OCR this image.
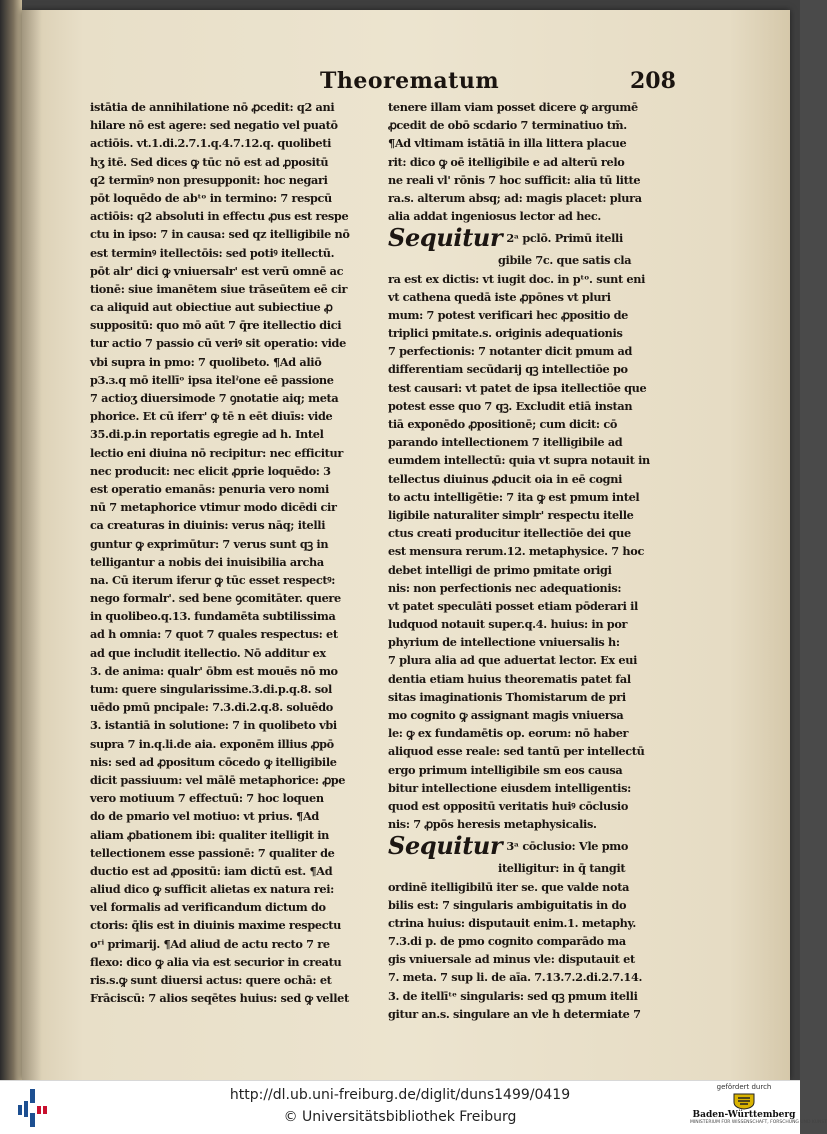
Theorematum	208
istātia de annihilatione nō ꝓcedit: q2 ani
hilare nō est agere: sed negatio vel puatō
actiōis. vt.1.di.2.7.1.q.4.7.12.q. quolibeti
hʒ itē. Sed dices ꝙ tūc nō est ad ꝓpositū
q2 termīnꝰ non presupponit: hoc negari
pōt loquēdo de abᵗᵒ in termino: 7 respcū
actiōis: q2 absoluti in effectu ꝓus est respe
ctu in ipso: 7 in causa: sed qz itelligibile nō
est terminꝰ itellectōis: sed potiꝰ itellectū.
pōt alr' dici ꝙ vniuersalr' est verū omnē ac
tionē: siue imanētem siue trāseūtem eē cir
ca aliquid aut obiectiue aut subiectiue ꝓ
suppositū: quo mō aūt 7 q̄re itellectio dici
tur actio 7 passio cū veriꝰ sit operatio: vide
vbi supra in pmo: 7 quolibeto. ¶Ad aliō
p3.ɜ.q mō itellīᵒ ipsa itelˀone eē passione
7 actioʒ diuersimode 7 ꝯnotatie aiq; meta
phorice. Et cū iferr' ꝙ tē n eēt diuīs: vide
35.di.p.in reportatis egregie ad h. Intel
lectio eni diuina nō recipitur: nec efficitur
nec producit: nec elicit ꝓprie loquēdo: 3
est operatio emanās: penuria vero nomi
nū 7 metaphorice vtimur modo dicēdi cir
ca creaturas in diuinis: verus nāq; itelli
guntur ꝙ exprimūtur: 7 verus sunt qꝫ in
telligantur a nobis dei inuisibilia archa
na. Cū iterum iferur ꝙ tūc esset respectꝰ:
nego formalr'. sed bene ꝯcomitāter. quere
in quolibeo.q.13. fundamēta subtilissima
ad h omnia: 7 quot 7 quales respectus: et
ad que includit itellectio. Nō additur ex
3. de anima: qualr' ōbm est mouēs nō mo
tum: quere singularissime.3.di.p.q.8. sol
uēdo pmū pncipale: 7.3.di.2.q.8. soluēdo
3. istantiā in solutione: 7 in quolibeto vbi
supra 7 in.q.li.de aia. exponēm illius ꝓpō
nis: sed ad ꝓpositum cōcedo ꝙ itelligibile
dicit passiuum: vel mālē metaphorice: ꝓpe
vero motiuum 7 effectuū: 7 hoc loquen
do de pmario vel motiuo: vt prius. ¶Ad
aliam ꝓbationem ibi: qualiter itelligit in
tellectionem esse passionē: 7 qualiter de
ductio est ad ꝓpositū: iam dictū est. ¶Ad
aliud dico ꝙ sufficit alietas ex natura rei:
vel formalis ad verificandum dictum do
ctoris: q̄lis est in diuinis maxime respectu
oʳⁱ primarij. ¶Ad aliud de actu recto 7 re
flexo: dico ꝙ alia via est securior in creatu
ris.s.ꝙ sunt diuersi actus: quere ochā: et
Frāciscū: 7 alios seqētes huius: sed ꝙ vellet
tenere illam viam posset dicere ꝙ argumē
ꝓcedit de obō scdario 7 terminatiuo tm̄.
¶Ad vltimam istātiā in illa littera placue
rit: dico ꝙ oē itelligibile e ad alterū relo
ne reali vl' rōnis 7 hoc sufficit: alia tū litte
ra.s. alterum absq; ad: magis placet: plura
alia addat ingeniosus lector ad hec.
Sequitur 2ᵃ pclō. Primū itelli
gibile 7c. que satis cla
ra est ex dictis: vt iugit doc. in pᵗᵒ. sunt eni
vt cathena quedā iste ꝓpōnes vt pluri
mum: 7 potest verificari hec ꝓpositio de
triplici pmitate.s. originis adequationis
7 perfectionis: 7 notanter dicit pmum ad
differentiam secūdarij qꝫ intellectiōe po
test causari: vt patet de ipsa itellectiōe que
potest esse quo 7 qꝫ. Excludit etiā instan
tiā exponēdo ꝓpositionē; cum dicit: cō
parando intellectionem 7 itelligibile ad
eumdem intellectū: quia vt supra notauit in
tellectus diuinus ꝓducit oia in eē cogni
to actu intelligētie: 7 ita ꝙ est pmum intel
ligibile naturaliter simplr' respectu itelle
ctus creati producitur itellectiōe dei que
est mensura rerum.12. metaphysice. 7 hoc
debet intelligi de primo pmitate origi
nis: non perfectionis nec adequationis:
vt patet speculāti posset etiam pōderari il
ludquod notauit super.q.4. huius: in por
phyrium de intellectione vniuersalis h:
7 plura alia ad que aduertat lector. Ex eui
dentia etiam huius theorematis patet fal
sitas imaginationis Thomistarum de pri
mo cognito ꝙ assignant magis vniuersa
le: ꝙ ex fundamētis op. eorum: nō haber
aliquod esse reale: sed tantū per intellectū
ergo primum intelligibile sm eos causa
bitur intellectione eiusdem intelligentis:
quod est oppositū veritatis huiꝰ cōclusio
nis: 7 ꝓpōs heresis metaphysicalis.
Sequitur 3ᵃ cōclusio: Vle pmo
itelligitur: in q̄ tangit
ordinē itelligibilū iter se. que valde nota
bilis est: 7 singularis ambiguitatis in do
ctrina huius: disputauit enim.1. metaphy.
7.3.di p. de pmo cognito comparādo ma
gis vniuersale ad minus vle: disputauit et
7. meta. 7 sup li. de aīa. 7.13.7.2.di.2.7.14.
3. de itellīᵗᵉ singularis: sed qꝫ pmum itelli
gitur an.s. singulare an vle h determiate 7
http://dl.ub.uni-freiburg.de/diglit/duns1499/0419
© Universitätsbibliothek Freiburg
gefördert durch
Baden-Württemberg
MINISTERIUM FÜR WISSENSCHAFT, FORSCHUNG UND KUNST
